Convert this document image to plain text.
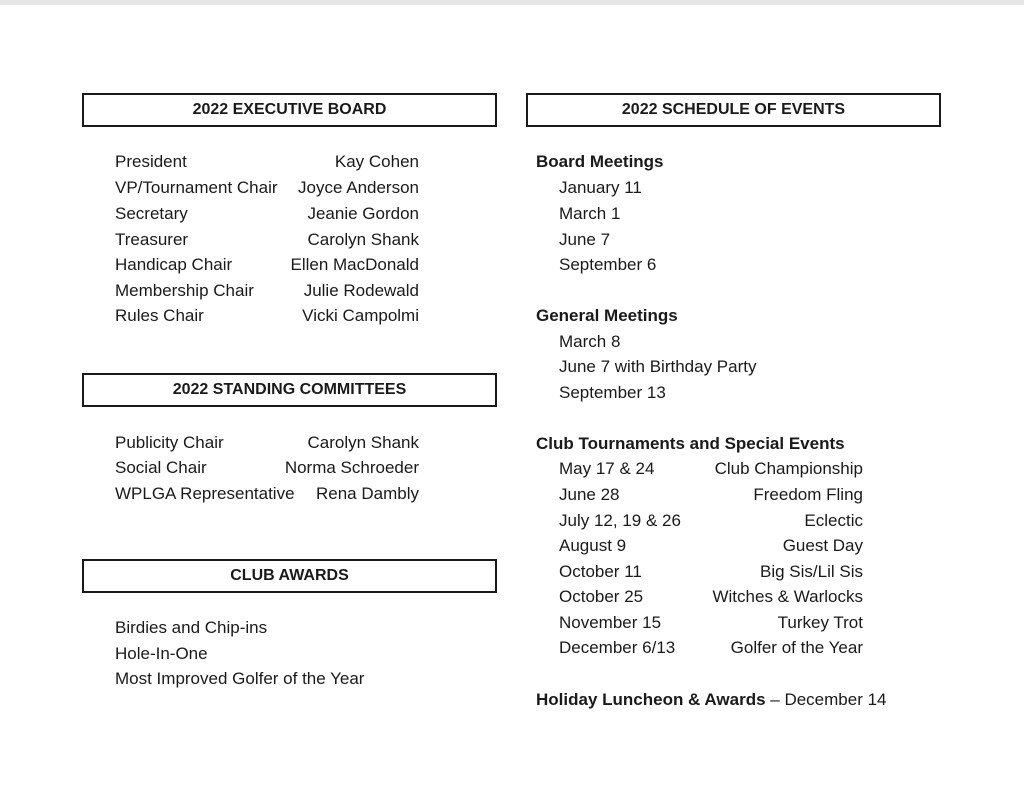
2022 EXECUTIVE BOARD
President	Kay Cohen
VP/Tournament Chair Joyce Anderson
Secretary	Jeanie Gordon
Treasurer	Carolyn Shank
Handicap Chair	Ellen MacDonald
Membership Chair	Julie Rodewald
Rules Chair	Vicki Campolmi
2022 STANDING COMMITTEES
Publicity Chair	Carolyn Shank
Social Chair	Norma Schroeder
WPLGA Representative Rena Dambly
CLUB AWARDS
Birdies and Chip-ins
Hole-In-One
Most Improved Golfer of the Year
2022 SCHEDULE OF EVENTS
Board Meetings
January 11
March 1
June 7
September 6
General Meetings
March 8
June 7 with Birthday Party
September 13
Club Tournaments and Special Events
May 17 & 24	Club Championship
June 28	Freedom Fling
July 12, 19 & 26	Eclectic
August 9	Guest Day
October 11	Big Sis/Lil Sis
October 25	Witches & Warlocks
November 15	Turkey Trot
December 6/13	Golfer of the Year
Holiday Luncheon & Awards – December 14
